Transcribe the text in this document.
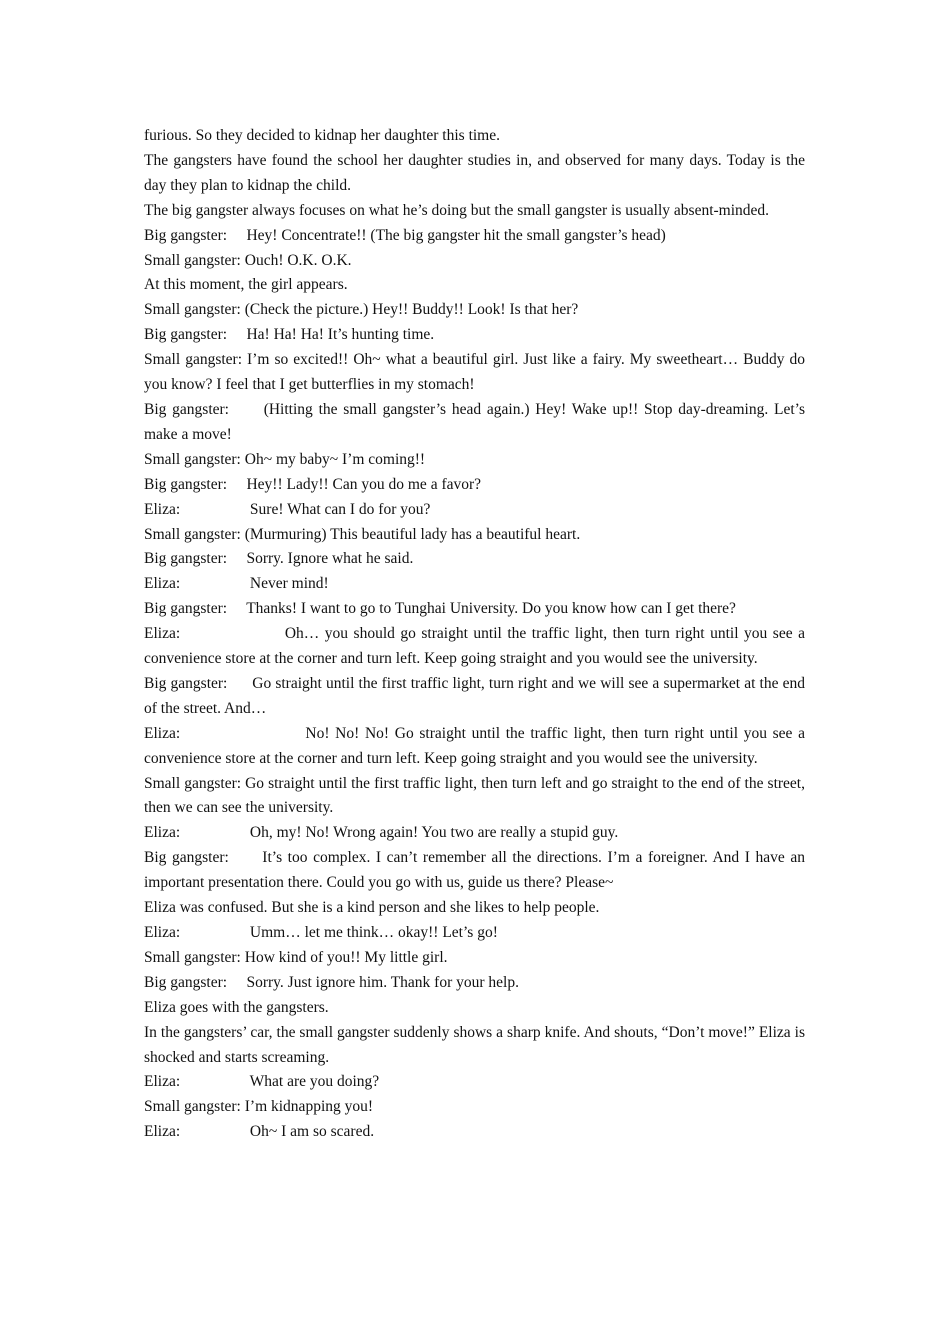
furious. So they decided to kidnap her daughter this time.

The gangsters have found the school her daughter studies in, and observed for many days. Today is the day they plan to kidnap the child.

The big gangster always focuses on what he’s doing but the small gangster is usually absent-minded.

Big gangster:     Hey! Concentrate!! (The big gangster hit the small gangster’s head)

Small gangster: Ouch! O.K. O.K.

At this moment, the girl appears.

Small gangster: (Check the picture.) Hey!! Buddy!! Look! Is that her?

Big gangster:     Ha! Ha! Ha! It’s hunting time.

Small gangster: I’m so excited!! Oh~ what a beautiful girl. Just like a fairy. My sweetheart… Buddy do you know? I feel that I get butterflies in my stomach!

Big gangster:      (Hitting the small gangster’s head again.) Hey! Wake up!! Stop day-dreaming. Let’s make a move!

Small gangster: Oh~ my baby~ I’m coming!!

Big gangster:     Hey!! Lady!! Can you do me a favor?

Eliza:                  Sure! What can I do for you?

Small gangster: (Murmuring) This beautiful lady has a beautiful heart.

Big gangster:     Sorry. Ignore what he said.

Eliza:                  Never mind!

Big gangster:     Thanks! I want to go to Tunghai University. Do you know how can I get there?

Eliza:                   Oh… you should go straight until the traffic light, then turn right until you see a convenience store at the corner and turn left. Keep going straight and you would see the university.

Big gangster:      Go straight until the first traffic light, turn right and we will see a supermarket at the end of the street. And…

Eliza:                      No! No! No! Go straight until the traffic light, then turn right until you see a convenience store at the corner and turn left. Keep going straight and you would see the university.

Small gangster: Go straight until the first traffic light, then turn left and go straight to the end of the street, then we can see the university.

Eliza:                  Oh, my! No! Wrong again! You two are really a stupid guy.

Big gangster:      It’s too complex. I can’t remember all the directions. I’m a foreigner. And I have an important presentation there. Could you go with us, guide us there? Please~

Eliza was confused. But she is a kind person and she likes to help people.

Eliza:                  Umm… let me think… okay!! Let’s go!

Small gangster: How kind of you!! My little girl.

Big gangster:     Sorry. Just ignore him. Thank for your help.

Eliza goes with the gangsters.

In the gangsters’ car, the small gangster suddenly shows a sharp knife. And shouts, “Don’t move!” Eliza is shocked and starts screaming.

Eliza:                  What are you doing?

Small gangster: I’m kidnapping you!

Eliza:                  Oh~ I am so scared.
